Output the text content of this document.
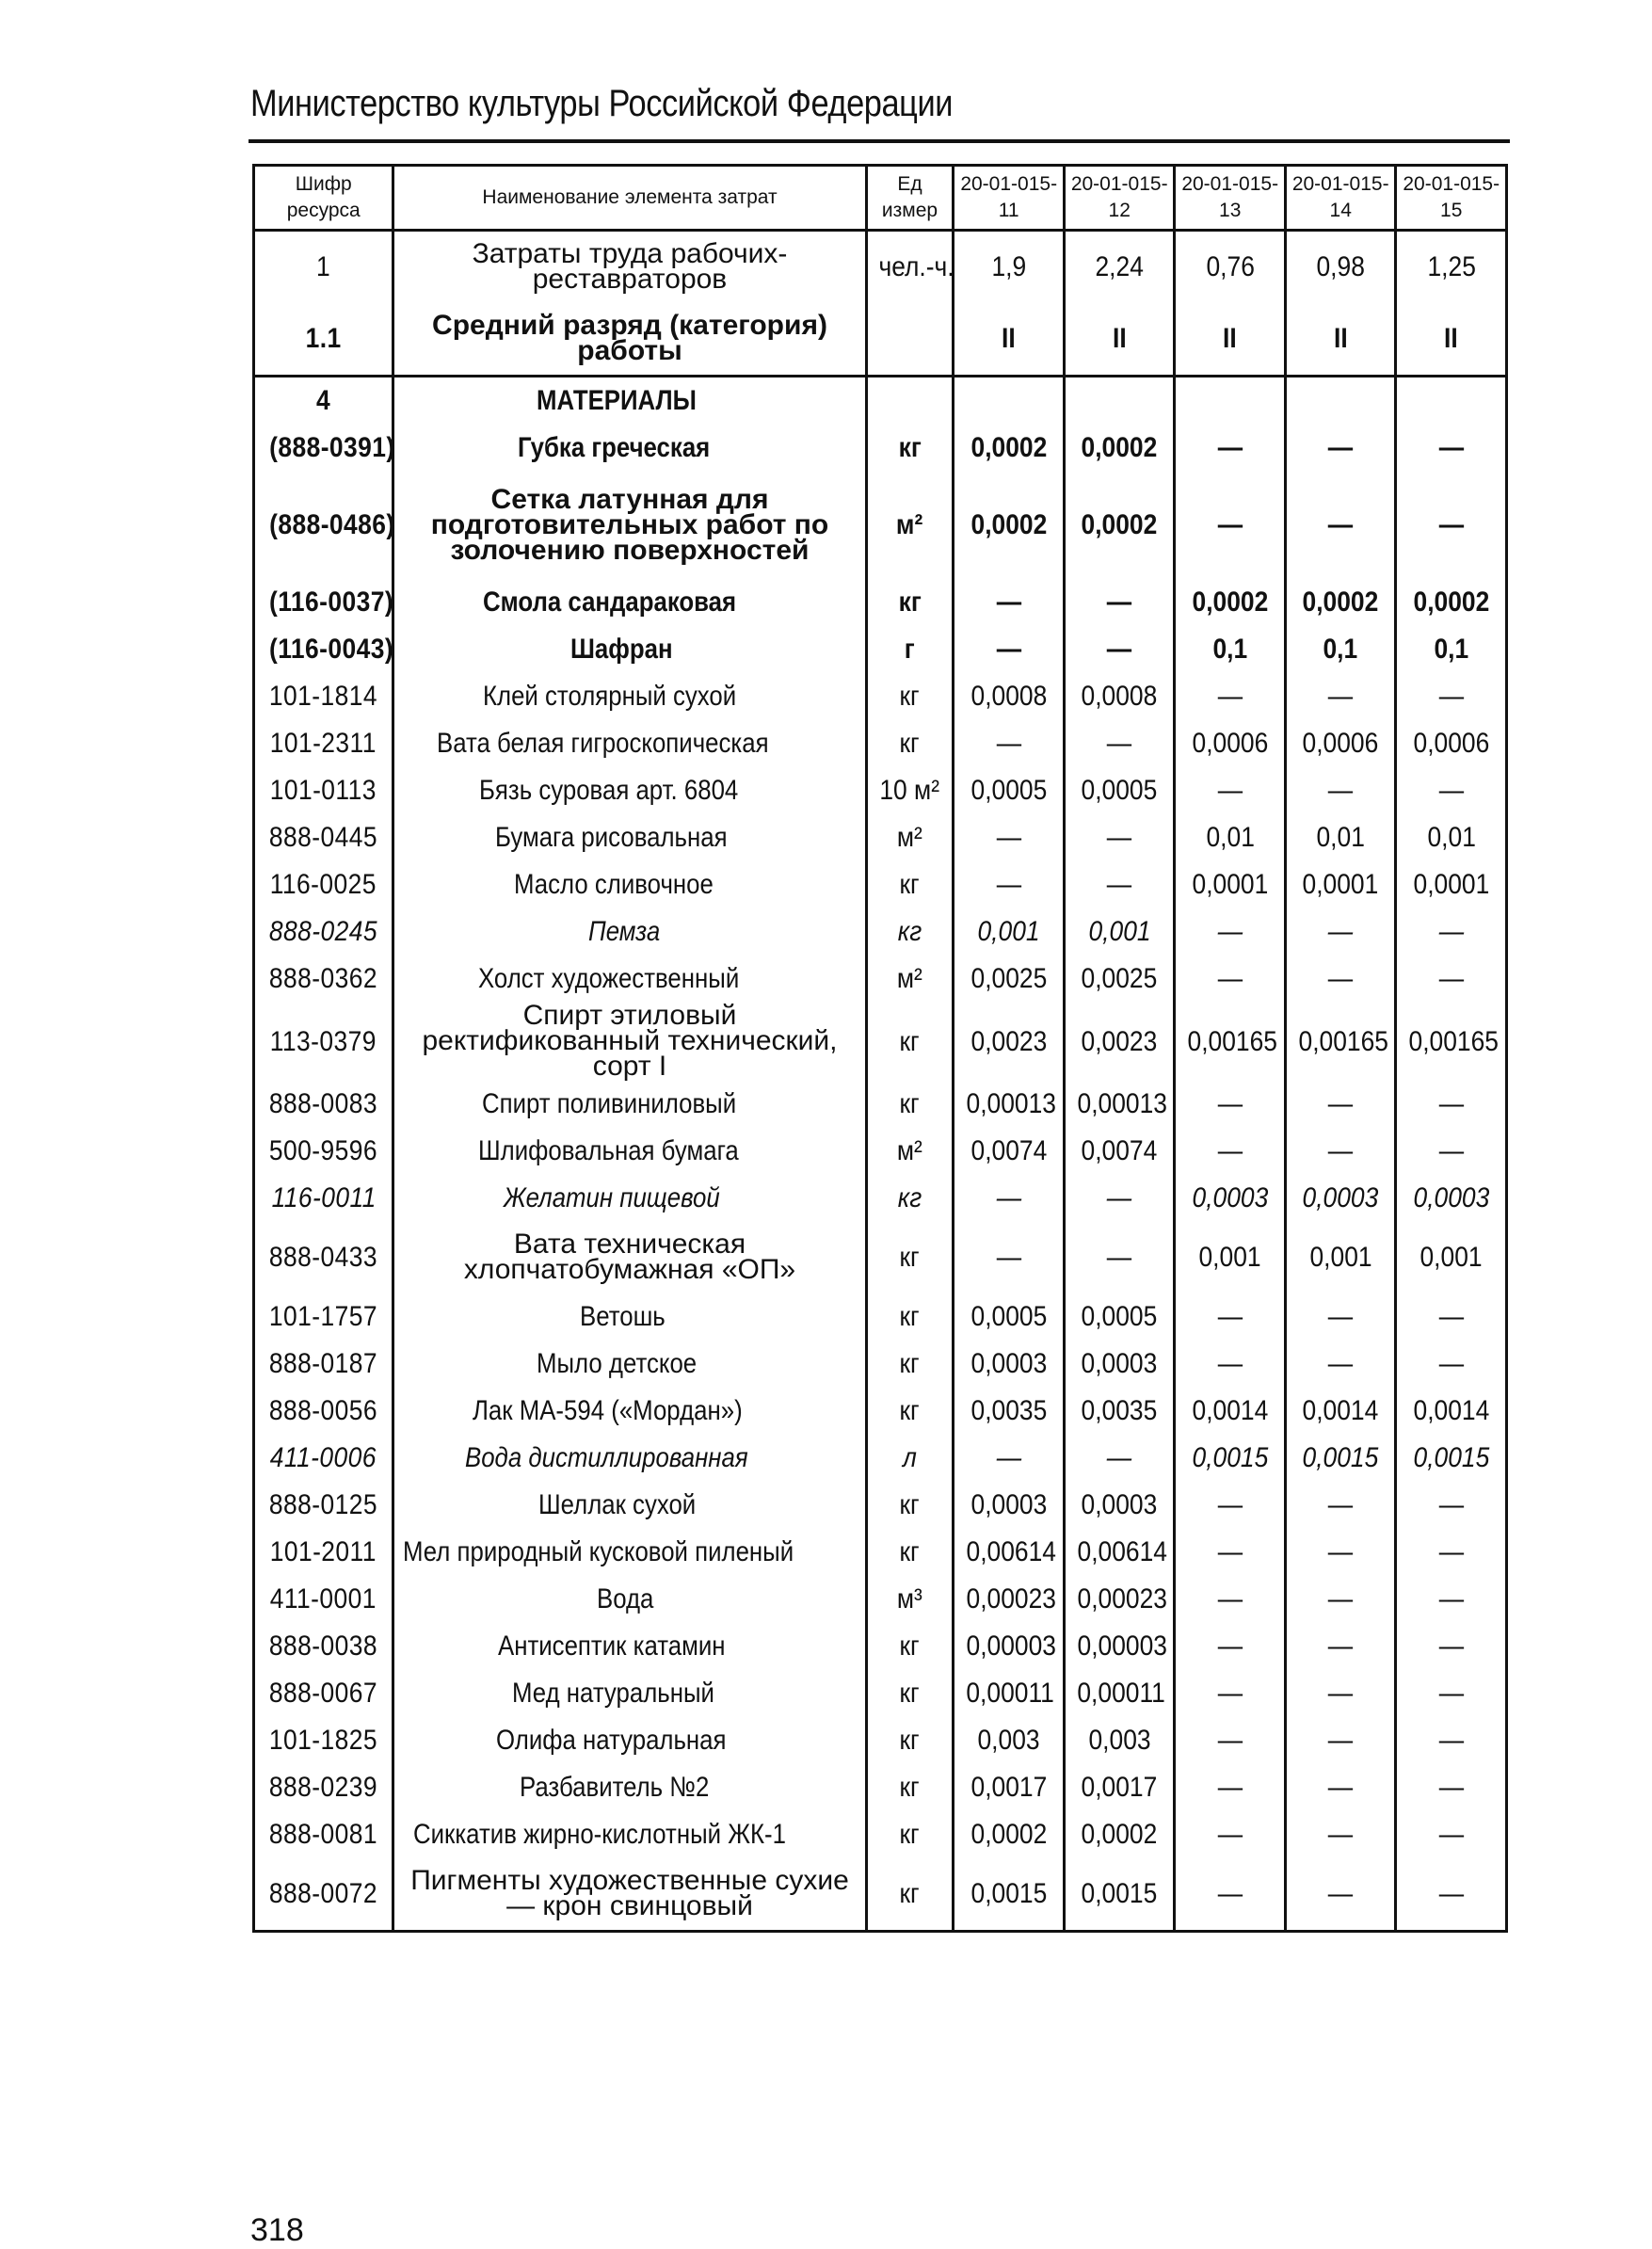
Министерство культуры Российской Федерации
Шифр ресурса	Наименование элемента затрат	Ед измер	20-01-015-11	20-01-015-12	20-01-015-13	20-01-015-14	20-01-015-15
1	Затраты труда рабочих-реставраторов	чел.-ч.	1,9	2,24	0,76	0,98	1,25
1.1	Средний разряд (категория) работы		II	II	II	II	II
4	МАТЕРИАЛЫ						
(888-0391)	Губка греческая	кг	0,0002	0,0002	—	—	—
(888-0486)	Сетка латунная для подготовительных работ по золочению поверхностей	м²	0,0002	0,0002	—	—	—
(116-0037)	Смола сандараковая	кг	—	—	0,0002	0,0002	0,0002
(116-0043)	Шафран	г	—	—	0,1	0,1	0,1
101-1814	Клей столярный сухой	кг	0,0008	0,0008	—	—	—
101-2311	Вата белая гигроскопическая	кг	—	—	0,0006	0,0006	0,0006
101-0113	Бязь суровая арт. 6804	10 м²	0,0005	0,0005	—	—	—
888-0445	Бумага рисовальная	м²	—	—	0,01	0,01	0,01
116-0025	Масло сливочное	кг	—	—	0,0001	0,0001	0,0001
888-0245	Пемза	кг	0,001	0,001	—	—	—
888-0362	Холст художественный	м²	0,0025	0,0025	—	—	—
113-0379	Спирт этиловый ректификованный технический, сорт I	кг	0,0023	0,0023	0,00165	0,00165	0,00165
888-0083	Спирт поливиниловый	кг	0,00013	0,00013	—	—	—
500-9596	Шлифовальная бумага	м²	0,0074	0,0074	—	—	—
116-0011	Желатин пищевой	кг	—	—	0,0003	0,0003	0,0003
888-0433	Вата техническая хлопчатобумажная «ОП»	кг	—	—	0,001	0,001	0,001
101-1757	Ветошь	кг	0,0005	0,0005	—	—	—
888-0187	Мыло детское	кг	0,0003	0,0003	—	—	—
888-0056	Лак МА-594 («Мордан»)	кг	0,0035	0,0035	0,0014	0,0014	0,0014
411-0006	Вода дистиллированная	л	—	—	0,0015	0,0015	0,0015
888-0125	Шеллак сухой	кг	0,0003	0,0003	—	—	—
101-2011	Мел природный кусковой пиленый	кг	0,00614	0,00614	—	—	—
411-0001	Вода	м³	0,00023	0,00023	—	—	—
888-0038	Антисептик катамин	кг	0,00003	0,00003	—	—	—
888-0067	Мед натуральный	кг	0,00011	0,00011	—	—	—
101-1825	Олифа натуральная	кг	0,003	0,003	—	—	—
888-0239	Разбавитель №2	кг	0,0017	0,0017	—	—	—
888-0081	Сиккатив жирно-кислотный ЖК-1	кг	0,0002	0,0002	—	—	—
888-0072	Пигменты художественные сухие — крон свинцовый	кг	0,0015	0,0015	—	—	—
318
